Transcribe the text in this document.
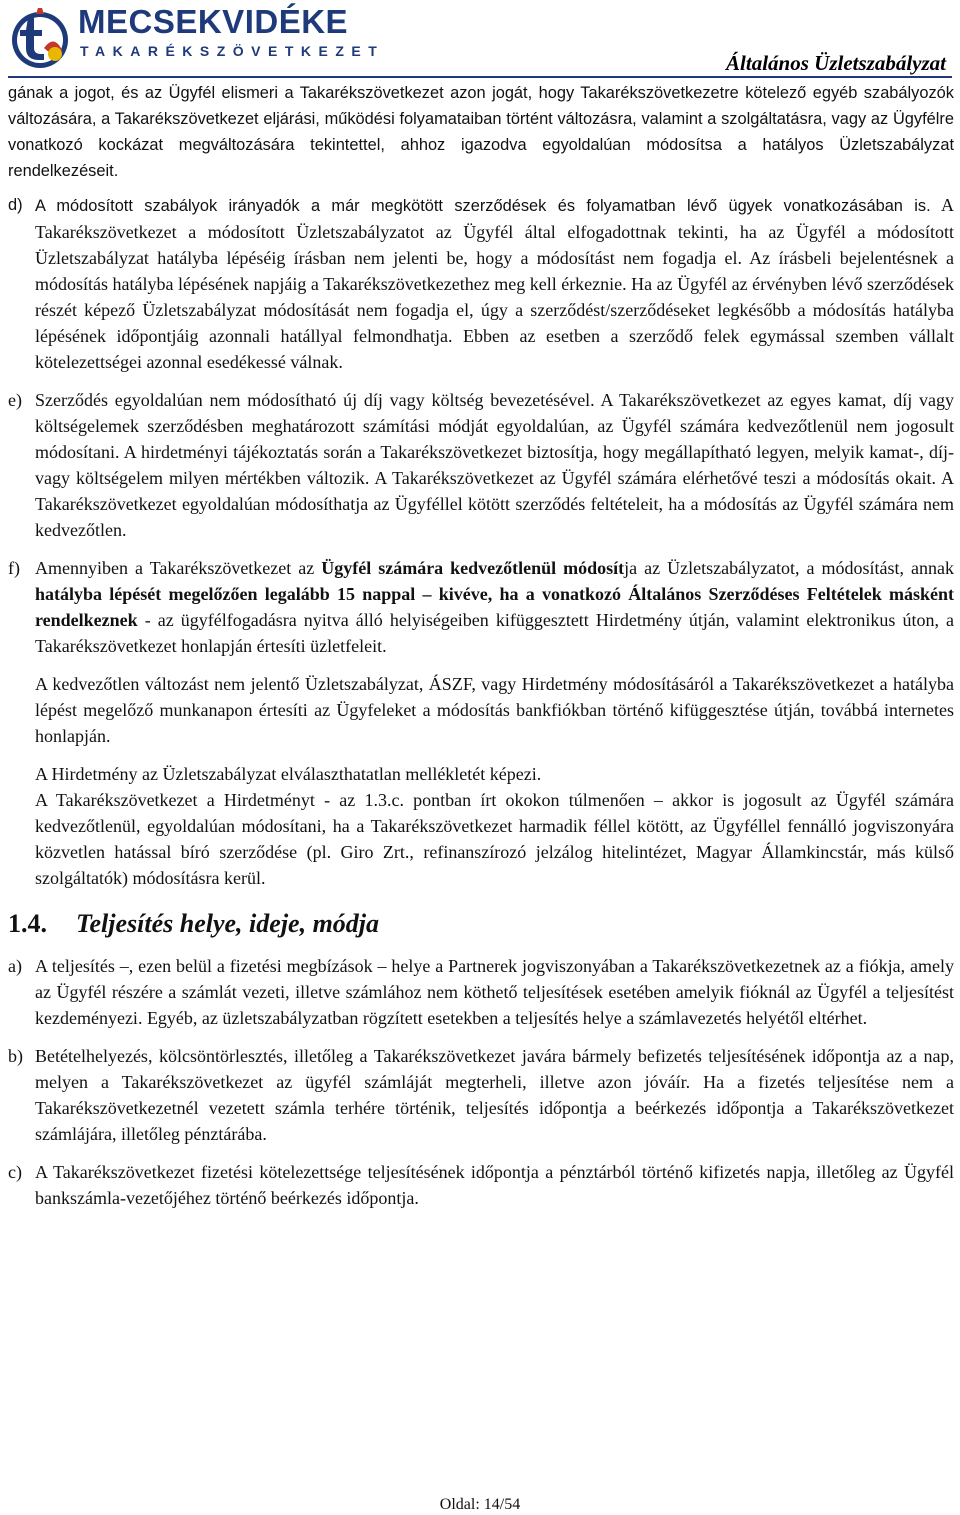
MECSEKVIDÉKE
TAKARÉKSZÖVETKEZET	Általános Üzletszabályzat
gának a jogot, és az Ügyfél elismeri a Takarékszövetkezet azon jogát, hogy Takarékszövetkezetre kötelező egyéb szabályozók változására, a Takarékszövetkezet eljárási, működési folyamataiban történt változásra, valamint a szolgáltatásra, vagy az Ügyfélre vonatkozó kockázat megváltozására tekintettel, ahhoz igazodva egyoldalúan módosítsa a hatályos Üzletszabályzat rendelkezéseit.
d) A módosított szabályok irányadók a már megkötött szerződések és folyamatban lévő ügyek vonatkozásában is. A Takarékszövetkezet a módosított Üzletszabályzatot az Ügyfél által elfogadottnak tekinti, ha az Ügyfél a módosított Üzletszabályzat hatályba lépéséig írásban nem jelenti be, hogy a módosítást nem fogadja el. Az írásbeli bejelentésnek a módosítás hatályba lépésének napjáig a Takarékszövetkezethez meg kell érkeznie. Ha az Ügyfél az érvényben lévő szerződések részét képező Üzletszabályzat módosítását nem fogadja el, úgy a szerződést/szerződéseket legkésőbb a módosítás hatályba lépésének időpontjáig azonnali hatállyal felmondhatja. Ebben az esetben a szerződő felek egymással szemben vállalt kötelezettségei azonnal esedékessé válnak.
e) Szerződés egyoldalúan nem módosítható új díj vagy költség bevezetésével. A Takarékszövetkezet az egyes kamat, díj vagy költségelemek szerződésben meghatározott számítási módját egyoldalúan, az Ügyfél számára kedvezőtlenül nem jogosult módosítani. A hirdetményi tájékoztatás során a Takarékszövetkezet biztosítja, hogy megállapítható legyen, melyik kamat-, díj- vagy költségelem milyen mértékben változik. A Takarékszövetkezet az Ügyfél számára elérhetővé teszi a módosítás okait. A Takarékszövetkezet egyoldalúan módosíthatja az Ügyféllel kötött szerződés feltételeit, ha a módosítás az Ügyfél számára nem kedvezőtlen.
f) Amennyiben a Takarékszövetkezet az Ügyfél számára kedvezőtlenül módosítja az Üzletszabályzatot, a módosítást, annak hatályba lépését megelőzően legalább 15 nappal – kivéve, ha a vonatkozó Általános Szerződéses Feltételek másként rendelkeznek - az ügyfélfogadásra nyitva álló helyiségeiben kifüggesztett Hirdetmény útján, valamint elektronikus úton, a Takarékszövetkezet honlapján értesíti üzletfeleit.
A kedvezőtlen változást nem jelentő Üzletszabályzat, ÁSZF, vagy Hirdetmény módosításáról a Takarékszövetkezet a hatályba lépést megelőző munkanapon értesíti az Ügyfeleket a módosítás bankfiókban történő kifüggesztése útján, továbbá internetes honlapján.
A Hirdetmény az Üzletszabályzat elválaszthatatlan mellékletét képezi.
A Takarékszövetkezet a Hirdetményt - az 1.3.c. pontban írt okokon túlmenően – akkor is jogosult az Ügyfél számára kedvezőtlenül, egyoldalúan módosítani, ha a Takarékszövetkezet harmadik féllel kötött, az Ügyféllel fennálló jogviszonyára közvetlen hatással bíró szerződése (pl. Giro Zrt., refinanszírozó jelzálog hitelintézet, Magyar Államkincstár, más külső szolgáltatók) módosításra kerül.
1.4. Teljesítés helye, ideje, módja
a) A teljesítés –, ezen belül a fizetési megbízások – helye a Partnerek jogviszonyában a Takarékszövetkezetnek az a fiókja, amely az Ügyfél részére a számlát vezeti, illetve számlához nem köthető teljesítések esetében amelyik fióknál az Ügyfél a teljesítést kezdeményezi. Egyéb, az üzletszabályzatban rögzített esetekben a teljesítés helye a számlavezetés helyétől eltérhet.
b) Betételhelyezés, kölcsöntörlesztés, illetőleg a Takarékszövetkezet javára bármely befizetés teljesítésének időpontja az a nap, melyen a Takarékszövetkezet az ügyfél számláját megterheli, illetve azon jóváír. Ha a fizetés teljesítése nem a Takarékszövetkezetnél vezetett számla terhére történik, teljesítés időpontja a beérkezés időpontja a Takarékszövetkezet számlájára, illetőleg pénztárába.
c) A Takarékszövetkezet fizetési kötelezettsége teljesítésének időpontja a pénztárból történő kifizetés napja, illetőleg az Ügyfél bankszámla-vezetőjéhez történő beérkezés időpontja.
Oldal: 14/54
